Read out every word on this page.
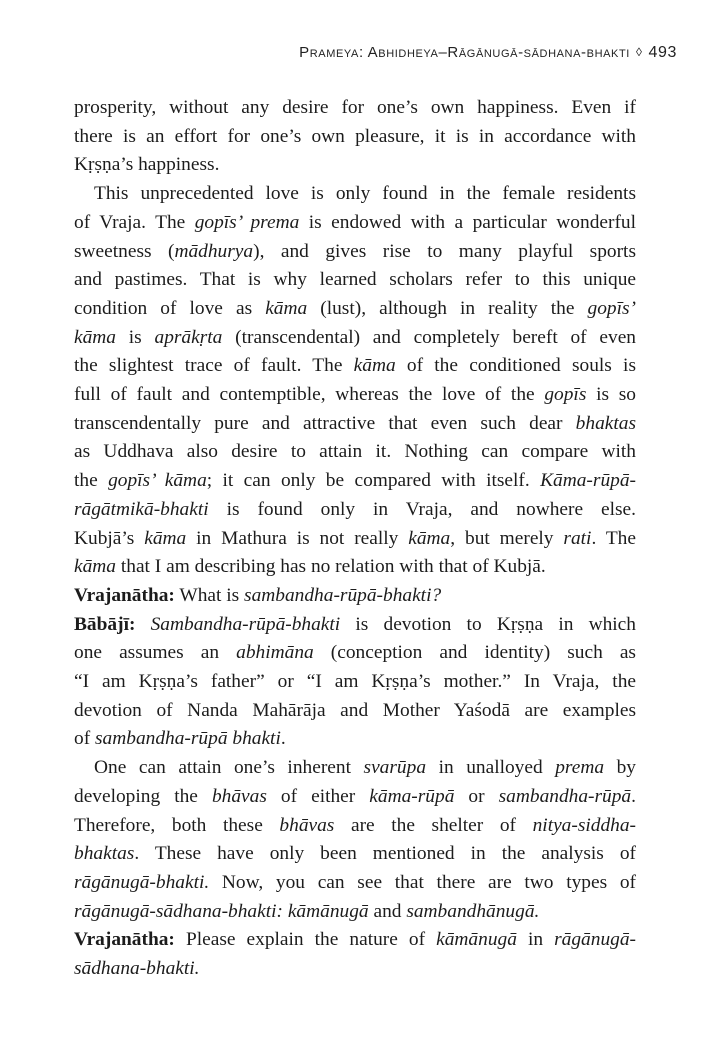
Prameya: Abhidheya–Rāgānugā-sādhana-bhakti ◊ 493
prosperity, without any desire for one’s own happiness. Even if
there is an effort for one’s own pleasure, it is in accordance with
Kṛṣṇa’s happiness.
This unprecedented love is only found in the female residents
of Vraja. The gopīs’ prema is endowed with a particular wonderful
sweetness (mādhurya), and gives rise to many playful sports
and pastimes. That is why learned scholars refer to this unique
condition of love as kāma (lust), although in reality the gopīs’
kāma is aprākṛta (transcendental) and completely bereft of even
the slightest trace of fault. The kāma of the conditioned souls is
full of fault and contemptible, whereas the love of the gopīs is so
transcendentally pure and attractive that even such dear bhaktas
as Uddhava also desire to attain it. Nothing can compare with
the gopīs’ kāma; it can only be compared with itself. Kāma-rūpā-
rāgātmikā-bhakti is found only in Vraja, and nowhere else.
Kubjā’s kāma in Mathura is not really kāma, but merely rati. The
kāma that I am describing has no relation with that of Kubjā.
Vrajanātha: What is sambandha-rūpā-bhakti?
Bābājī: Sambandha-rūpā-bhakti is devotion to Kṛṣṇa in which
one assumes an abhimāna (conception and identity) such as
“I am Kṛṣṇa’s father” or “I am Kṛṣṇa’s mother.” In Vraja, the
devotion of Nanda Mahārāja and Mother Yaśodā are examples
of sambandha-rūpā bhakti.
One can attain one’s inherent svarūpa in unalloyed prema by
developing the bhāvas of either kāma-rūpā or sambandha-rūpā.
Therefore, both these bhāvas are the shelter of nitya-siddha-
bhaktas. These have only been mentioned in the analysis of
rāgānugā-bhakti. Now, you can see that there are two types of
rāgānugā-sādhana-bhakti: kāmānugā and sambandhānugā.
Vrajanātha: Please explain the nature of kāmānugā in rāgānugā-
sādhana-bhakti.
